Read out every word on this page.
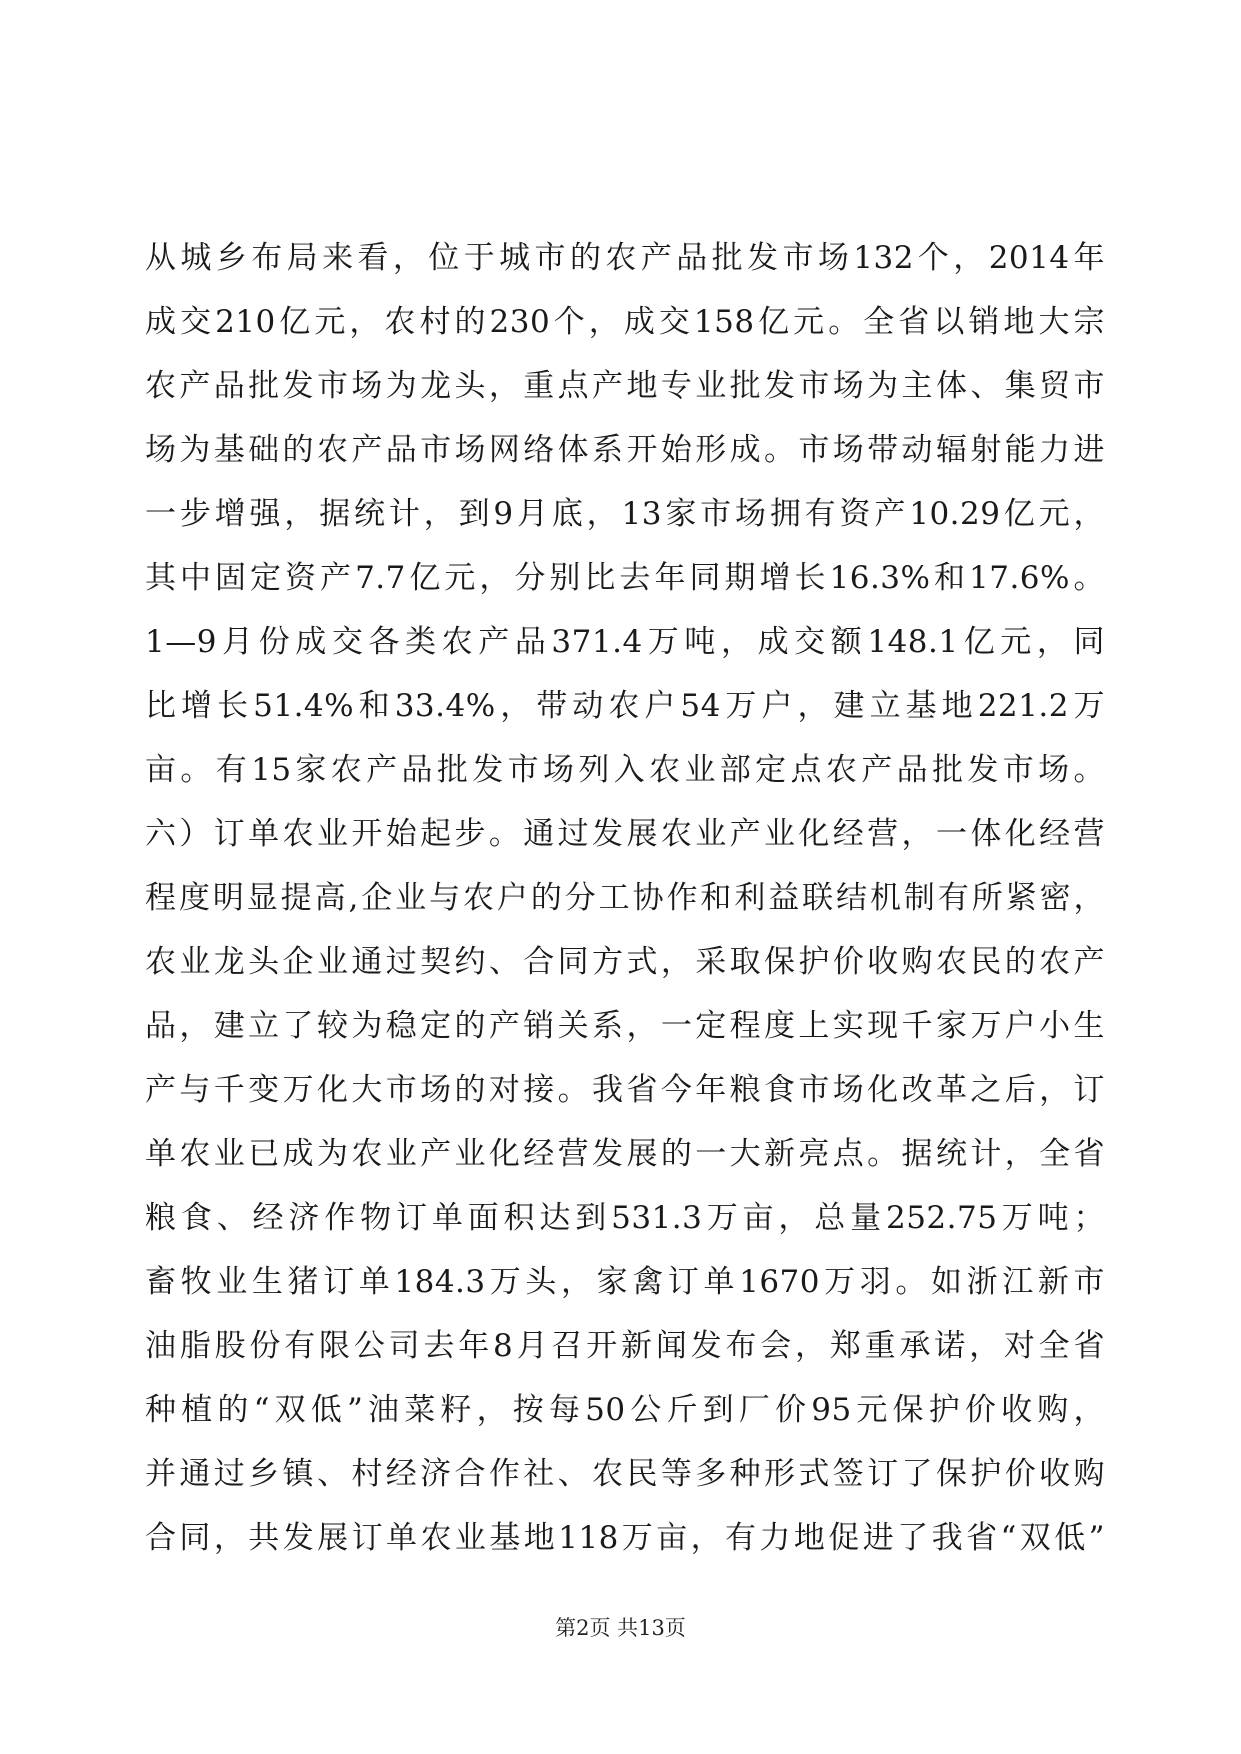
从城乡布局来看，位于城市的农产品批发市场132个，2014年
成交210亿元，农村的230个，成交158亿元。全省以销地大宗
农产品批发市场为龙头，重点产地专业批发市场为主体、集贸市
场为基础的农产品市场网络体系开始形成。市场带动辐射能力进
一步增强，据统计，到9月底，13家市场拥有资产10.29亿元，
其中固定资产7.7亿元，分别比去年同期增长16.3%和17.6%。
1—9月份成交各类农产品371.4万吨，成交额148.1亿元，同
比增长51.4%和33.4%，带动农户54万户，建立基地221.2万
亩。有15家农产品批发市场列入农业部定点农产品批发市场。
六）订单农业开始起步。通过发展农业产业化经营，一体化经营
程度明显提高,企业与农户的分工协作和利益联结机制有所紧密，
农业龙头企业通过契约、合同方式，采取保护价收购农民的农产
品，建立了较为稳定的产销关系，一定程度上实现千家万户小生
产与千变万化大市场的对接。我省今年粮食市场化改革之后，订
单农业已成为农业产业化经营发展的一大新亮点。据统计，全省
粮食、经济作物订单面积达到531.3万亩，总量252.75万吨；
畜牧业生猪订单184.3万头，家禽订单1670万羽。如浙江新市
油脂股份有限公司去年8月召开新闻发布会，郑重承诺，对全省
种植的“双低”油菜籽，按每50公斤到厂价95元保护价收购，
并通过乡镇、村经济合作社、农民等多种形式签订了保护价收购
合同，共发展订单农业基地118万亩，有力地促进了我省“双低”
第2页 共13页
